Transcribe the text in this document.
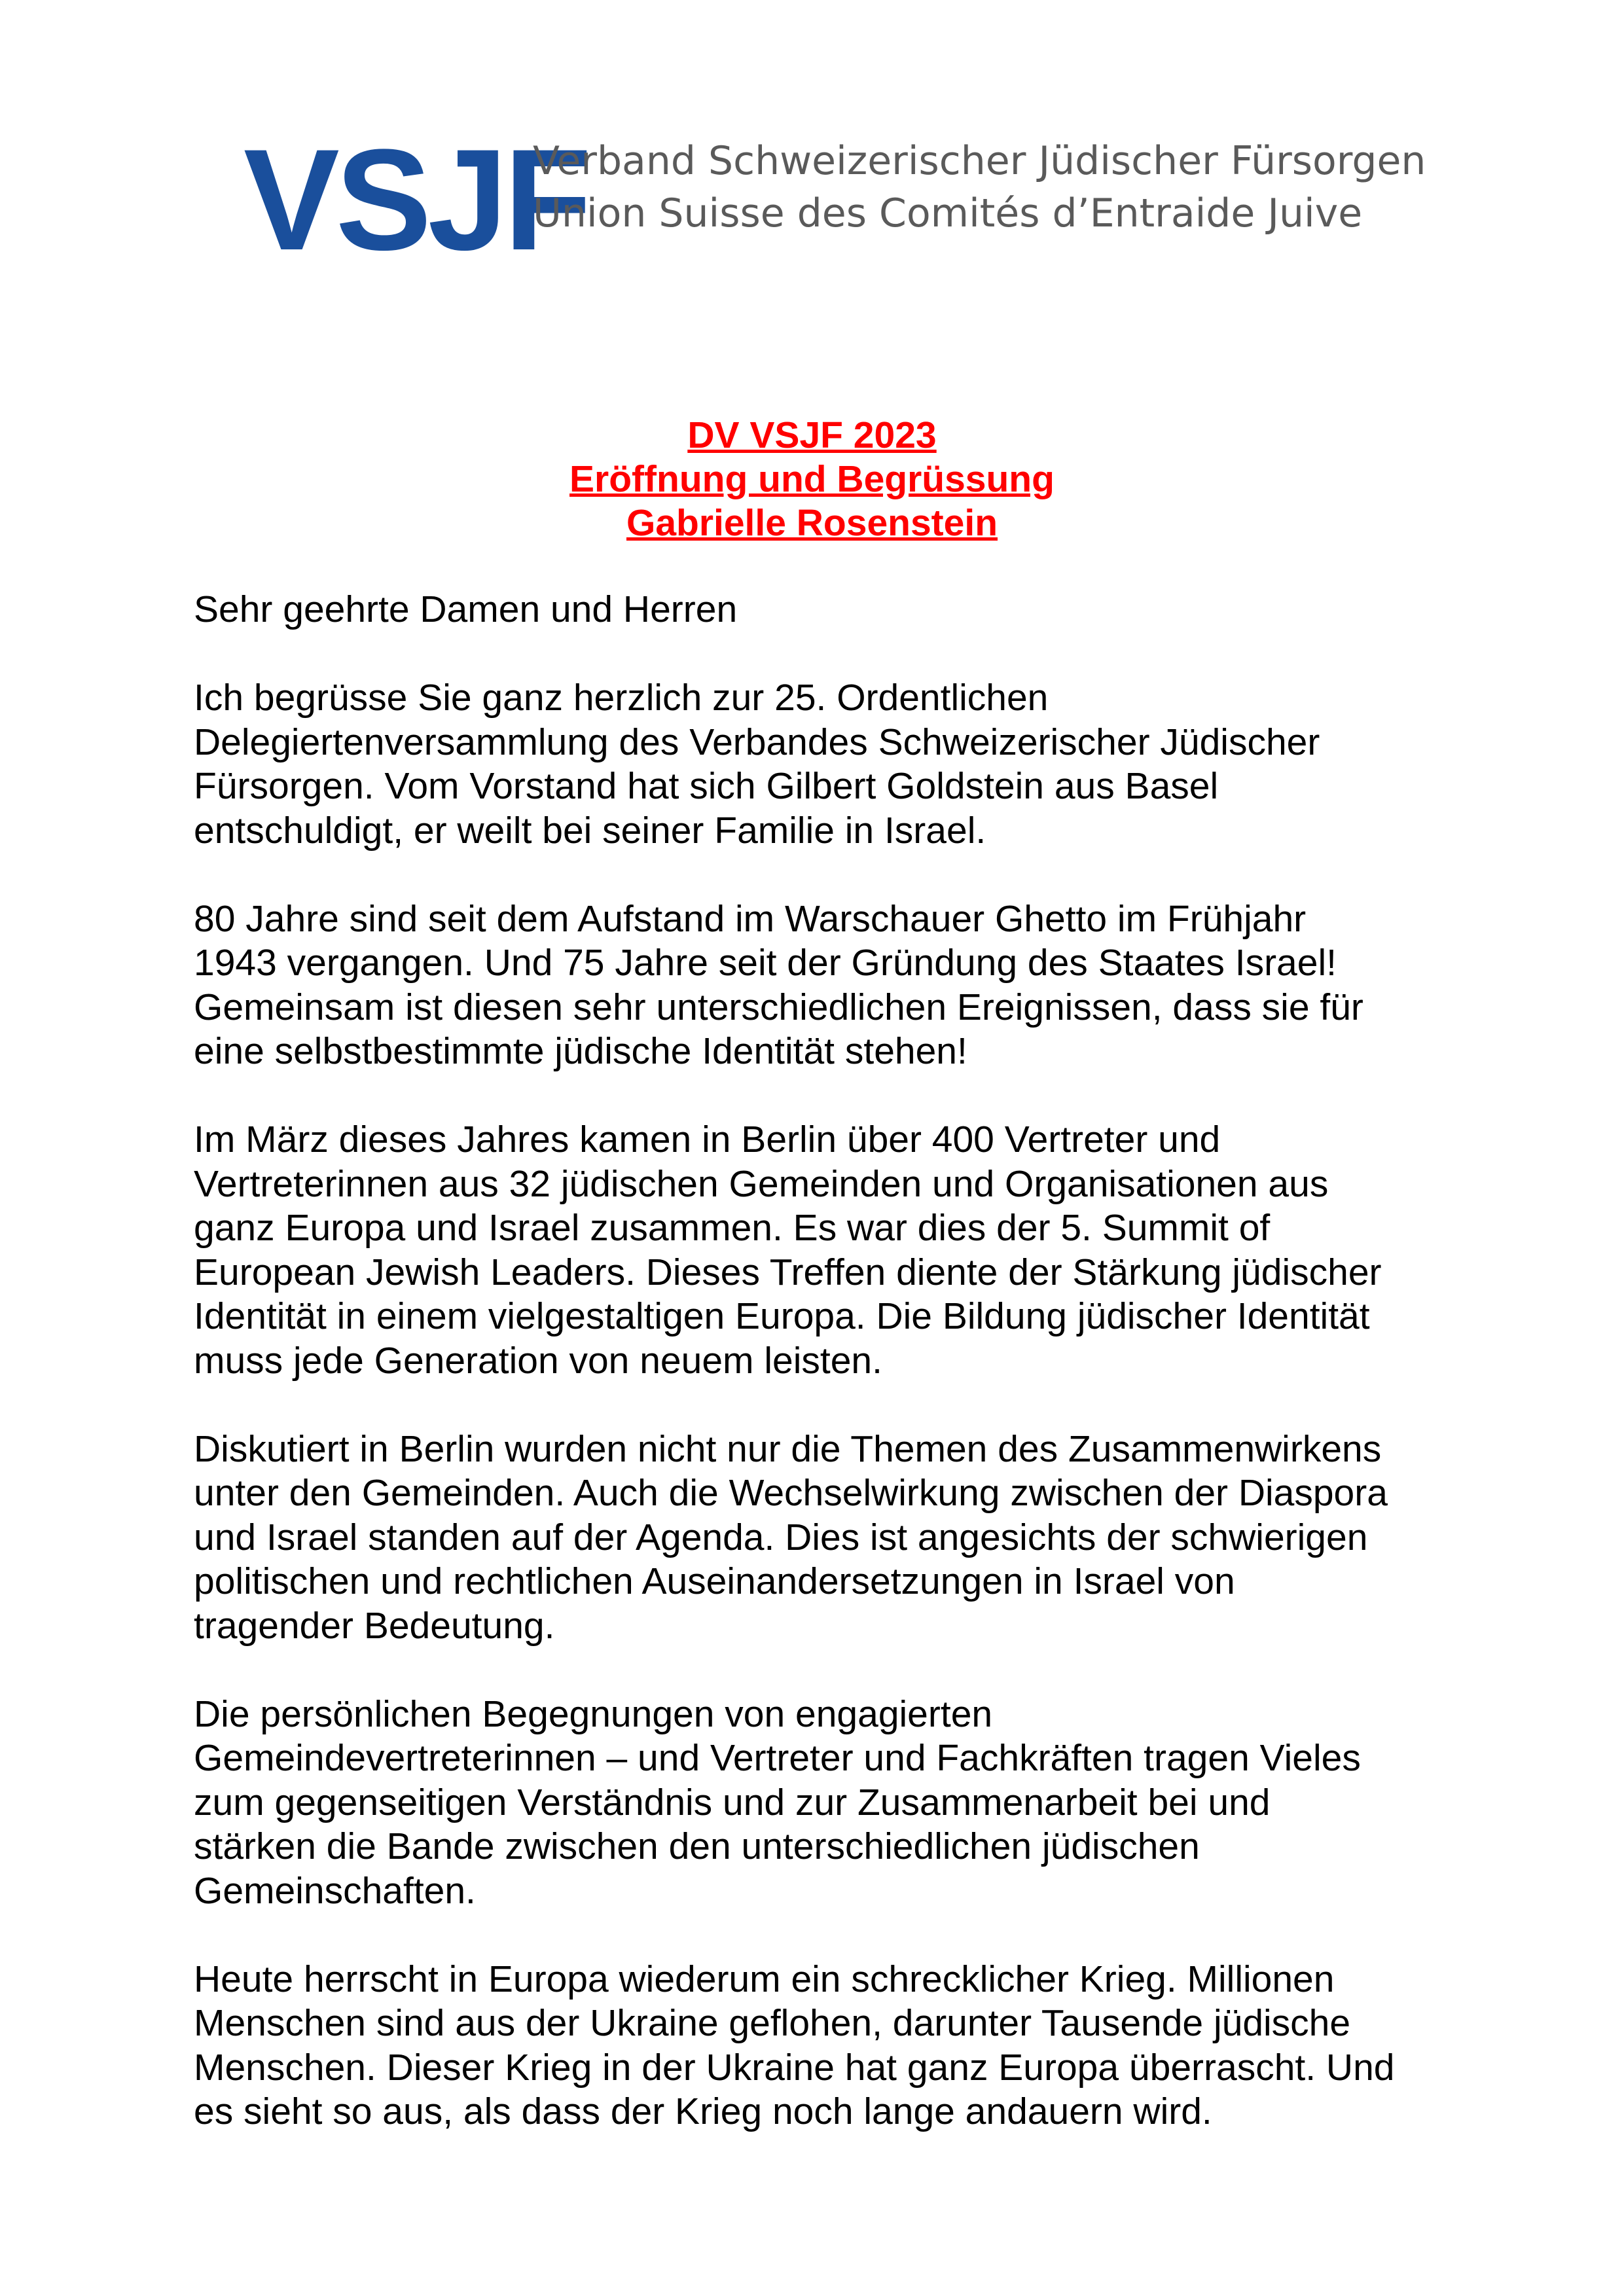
VSJF
Verband Schweizerischer Jüdischer Fürsorgen
Union Suisse des Comités d’Entraide Juive
DV VSJF 2023
Eröffnung und Begrüssung
Gabrielle Rosenstein

Sehr geehrte Damen und Herren

Ich begrüsse Sie ganz herzlich zur 25. Ordentlichen
Delegiertenversammlung des Verbandes Schweizerischer Jüdischer
Fürsorgen. Vom Vorstand hat sich Gilbert Goldstein aus Basel
entschuldigt, er weilt bei seiner Familie in Israel.

80 Jahre sind seit dem Aufstand im Warschauer Ghetto im Frühjahr
1943 vergangen. Und 75 Jahre seit der Gründung des Staates Israel!
Gemeinsam ist diesen sehr unterschiedlichen Ereignissen, dass sie für
eine selbstbestimmte jüdische Identität stehen!

Im März dieses Jahres kamen in Berlin über 400 Vertreter und
Vertreterinnen aus 32 jüdischen Gemeinden und Organisationen aus
ganz Europa und Israel zusammen. Es war dies der 5. Summit of
European Jewish Leaders. Dieses Treffen diente der Stärkung jüdischer
Identität in einem vielgestaltigen Europa. Die Bildung jüdischer Identität
muss jede Generation von neuem leisten.

Diskutiert in Berlin wurden nicht nur die Themen des Zusammenwirkens
unter den Gemeinden. Auch die Wechselwirkung zwischen der Diaspora
und Israel standen auf der Agenda. Dies ist angesichts der schwierigen
politischen und rechtlichen Auseinandersetzungen in Israel von
tragender Bedeutung.

Die persönlichen Begegnungen von engagierten
Gemeindevertreterinnen – und Vertreter und Fachkräften tragen Vieles
zum gegenseitigen Verständnis und zur Zusammenarbeit bei und
stärken die Bande zwischen den unterschiedlichen jüdischen
Gemeinschaften.

Heute herrscht in Europa wiederum ein schrecklicher Krieg. Millionen
Menschen sind aus der Ukraine geflohen, darunter Tausende jüdische
Menschen. Dieser Krieg in der Ukraine hat ganz Europa überrascht. Und
es sieht so aus, als dass der Krieg noch lange andauern wird.
